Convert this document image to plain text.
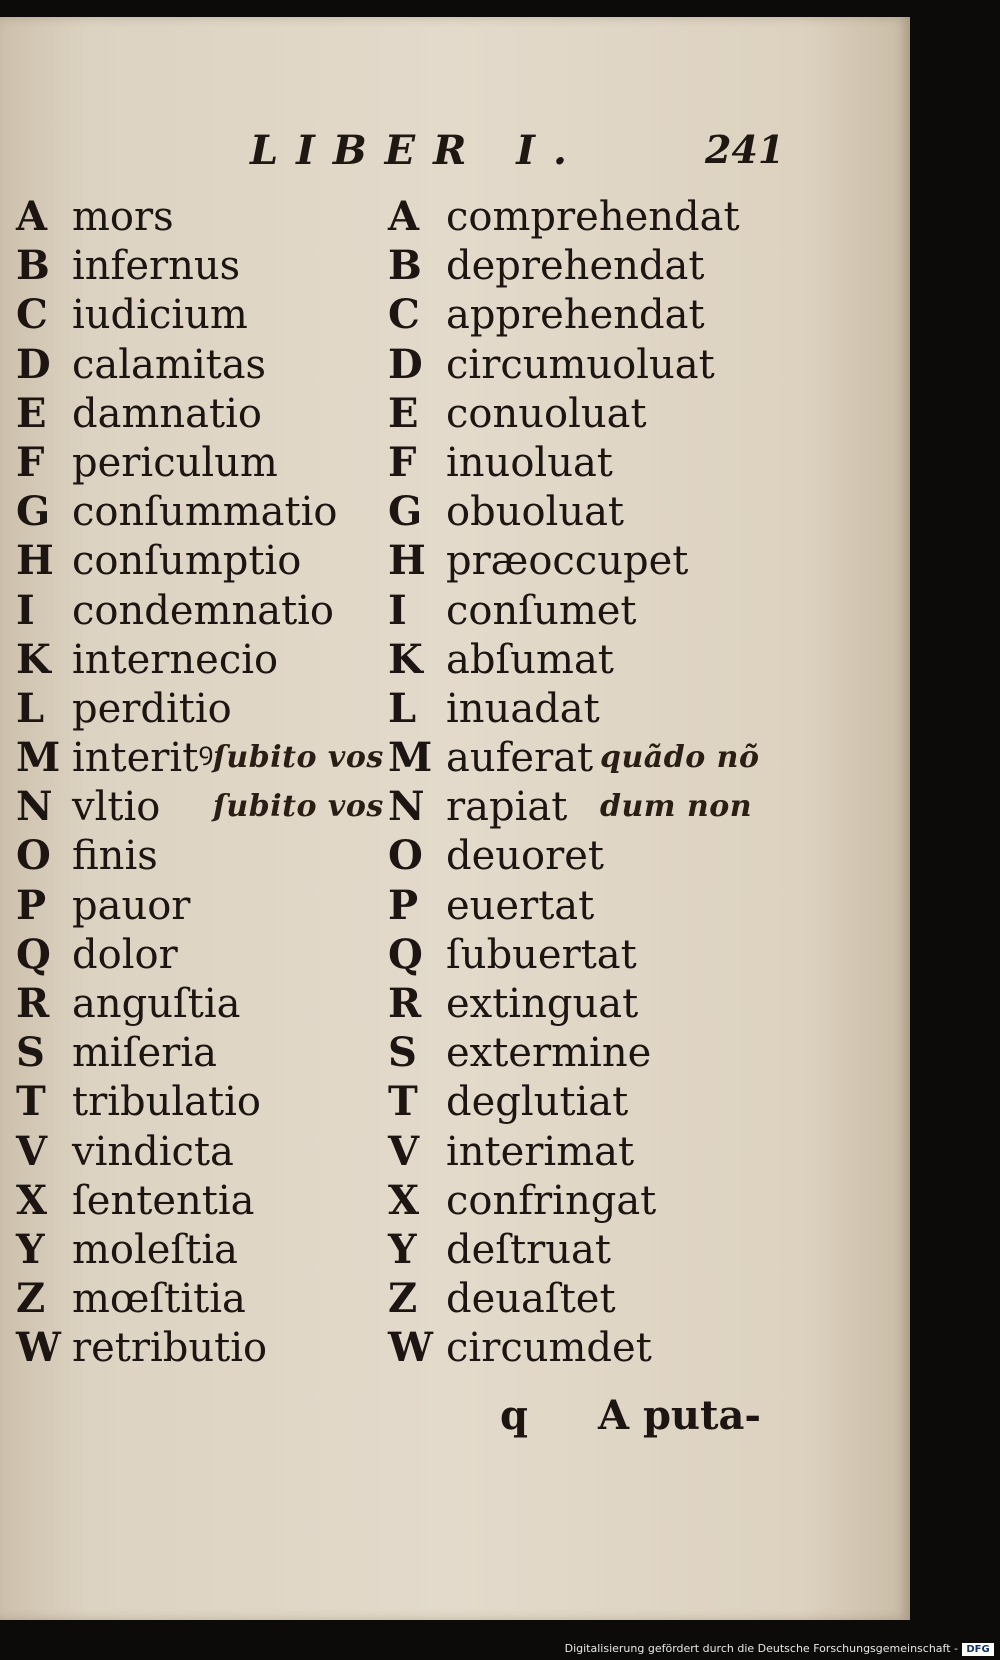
LIBER I.	241
A mors
B infernus
C iudicium
D calamitas
E damnatio
F periculum
G conſummatio
H conſumptio
I condemnatio
K internecio
L perditio
M interitꝰ ſubito vos
N vltio ſubito vos
O finis
P pauor
Q dolor
R anguſtia
S miſeria
T tribulatio
V vindicta
X ſententia
Y moleſtia
Z mœſtitia
W retributio
A comprehendat
B deprehendat
C apprehendat
D circumuoluat
E conuoluat
F inuoluat
G obuoluat
H præoccupet
I conſumet
K abſumat
L inuadat
M auferat quãdo nõ
N rapiat dum non
O deuoret
P euertat
Q ſubuertat
R extinguat
S extermine
T deglutiat
V interimat
X confringat
Y deſtruat
Z deuaſtet
W circumdet
q A puta-
Digitalisierung gefördert durch die Deutsche Forschungsgemeinschaft - DFG
